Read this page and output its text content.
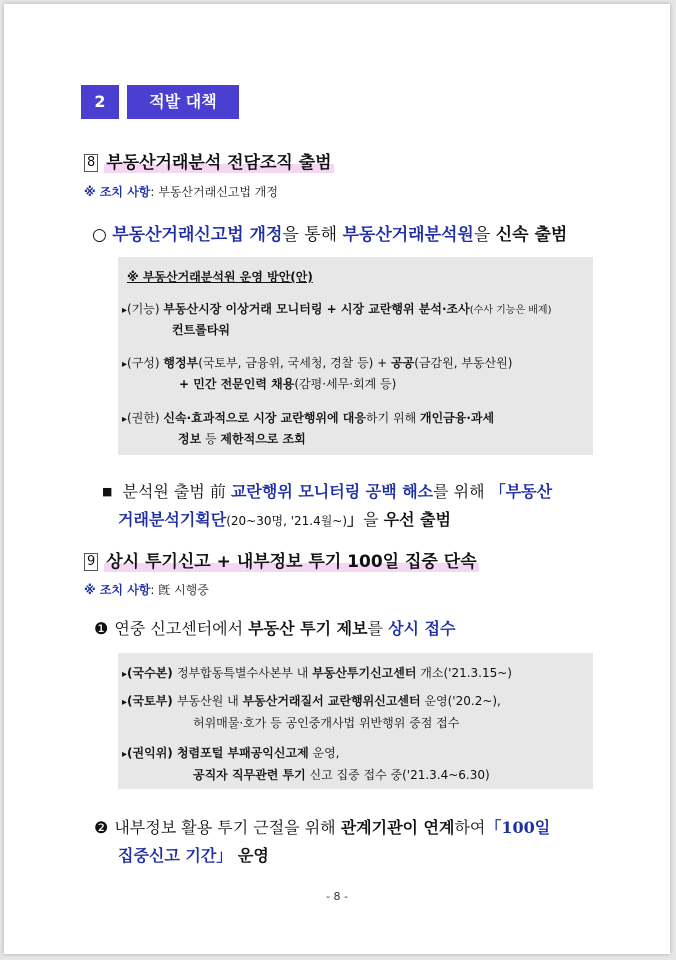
2	적발 대책
8 부동산거래분석 전담조직 출범
※ 조치 사항: 부동산거래신고법 개정
○ 부동산거래신고법 개정을 통해 부동산거래분석원을 신속 출범
※ 부동산거래분석원 운영 방안(안)
▸(기능) 부동산시장 이상거래 모니터링 + 시장 교란행위 분석·조사(수사 기능은 배제)
컨트롤타워
▸(구성) 행정부(국토부, 금융위, 국세청, 경찰 등) + 공공(금감원, 부동산원)
+ 민간 전문인력 채용(감평·세무·회계 등)
▸(권한) 신속·효과적으로 시장 교란행위에 대응하기 위해 개인금융·과세
정보 등 제한적으로 조회
■ 분석원 출범 前 교란행위 모니터링 공백 해소를 위해 「부동산
거래분석기획단(20~30명, '21.4월~)」을 우선 출범
9 상시 투기신고 + 내부정보 투기 100일 집중 단속
※ 조치 사항: 旣 시행중
❶ 연중 신고센터에서 부동산 투기 제보를 상시 접수
▸(국수본) 정부합동특별수사본부 내 부동산투기신고센터 개소('21.3.15~)
▸(국토부) 부동산원 내 부동산거래질서 교란행위신고센터 운영('20.2~),
허위매물·호가 등 공인중개사법 위반행위 중점 접수
▸(권익위) 청렴포털 부패공익신고제 운영,
공직자 직무관련 투기 신고 집중 접수 중('21.3.4~6.30)
❷ 내부정보 활용 투기 근절을 위해 관계기관이 연계하여「100일
집중신고 기간」 운영
- 8 -
